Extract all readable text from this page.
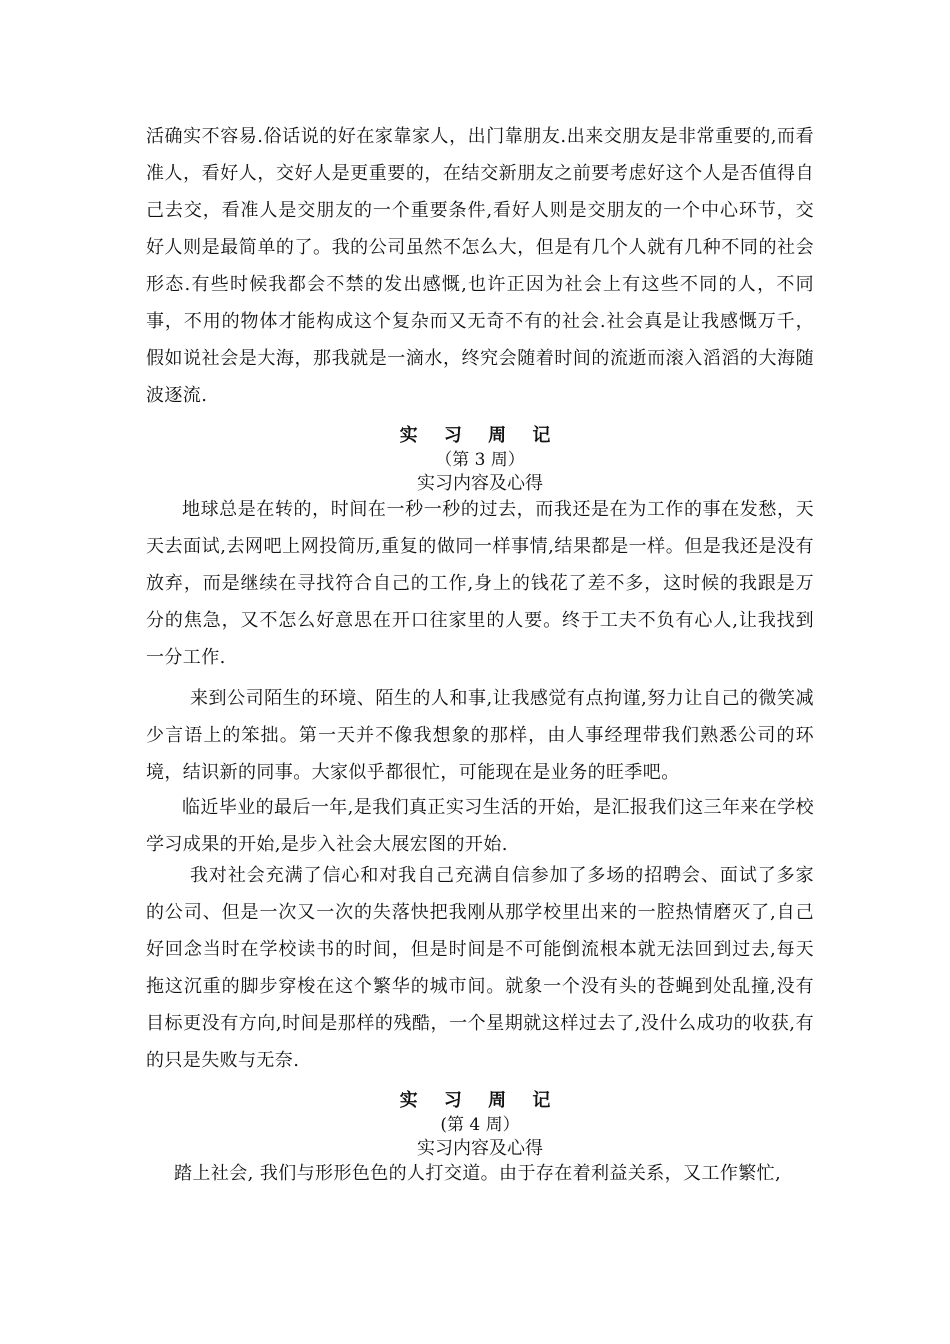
活确实不容易.俗话说的好在家靠家人，出门靠朋友.出来交朋友是非常重要的,而看准人，看好人，交好人是更重要的，在结交新朋友之前要考虑好这个人是否值得自己去交，看准人是交朋友的一个重要条件,看好人则是交朋友的一个中心环节，交好人则是最简单的了。我的公司虽然不怎么大，但是有几个人就有几种不同的社会形态.有些时候我都会不禁的发出感慨,也许正因为社会上有这些不同的人，不同事，不用的物体才能构成这个复杂而又无奇不有的社会.社会真是让我感慨万千，假如说社会是大海，那我就是一滴水，终究会随着时间的流逝而滚入滔滔的大海随波逐流.

实 习 周 记
（第 3 周）
实习内容及心得

地球总是在转的，时间在一秒一秒的过去，而我还是在为工作的事在发愁，天天去面试,去网吧上网投简历,重复的做同一样事情,结果都是一样。但是我还是没有放弃，而是继续在寻找符合自己的工作,身上的钱花了差不多，这时候的我跟是万分的焦急，又不怎么好意思在开口往家里的人要。终于工夫不负有心人,让我找到一分工作.

来到公司陌生的环境、陌生的人和事,让我感觉有点拘谨,努力让自己的微笑减少言语上的笨拙。第一天并不像我想象的那样，由人事经理带我们熟悉公司的环境，结识新的同事。大家似乎都很忙，可能现在是业务的旺季吧。

临近毕业的最后一年,是我们真正实习生活的开始，是汇报我们这三年来在学校学习成果的开始,是步入社会大展宏图的开始.

我对社会充满了信心和对我自己充满自信参加了多场的招聘会、面试了多家的公司、但是一次又一次的失落快把我刚从那学校里出来的一腔热情磨灭了,自己好回念当时在学校读书的时间，但是时间是不可能倒流根本就无法回到过去,每天拖这沉重的脚步穿梭在这个繁华的城市间。就象一个没有头的苍蝇到处乱撞,没有目标更没有方向,时间是那样的残酷，一个星期就这样过去了,没什么成功的收获,有的只是失败与无奈.

实 习 周 记
(第 4 周）
实习内容及心得

踏上社会, 我们与形形色色的人打交道。由于存在着利益关系，又工作繁忙,
